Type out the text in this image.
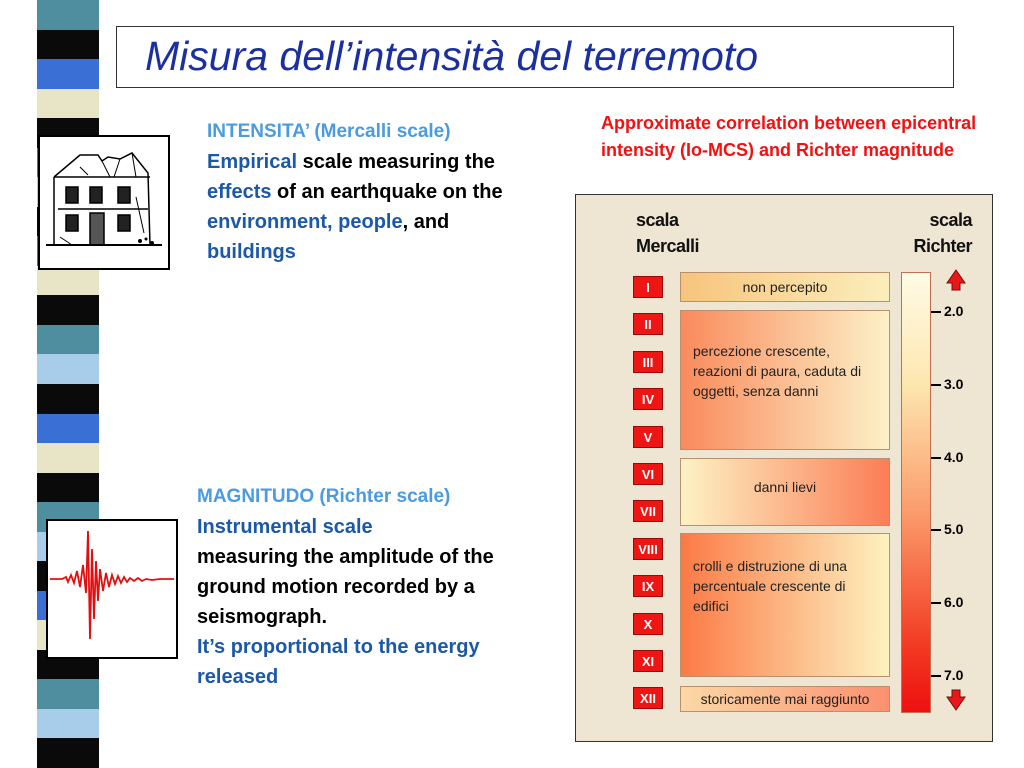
Misura dell’intensità del terremoto
INTENSITA’ (Mercalli scale)
Empirical scale measuring the effects of an earthquake on the environment, people, and buildings
MAGNITUDO (Richter scale)
Instrumental scale
measuring the amplitude of the ground motion recorded by a seismograph.
It’s proportional to the energy released
Approximate correlation between epicentral intensity (Io-MCS) and Richter magnitude
scala
Mercalli
scala
Richter
I
II
III
IV
V
VI
VII
VIII
IX
X
XI
XII
non percepito
percezione crescente, reazioni di paura, caduta di oggetti, senza danni
danni lievi
crolli e distruzione di una percentuale crescente di edifici
storicamente mai raggiunto
2.0
3.0
4.0
5.0
6.0
7.0
